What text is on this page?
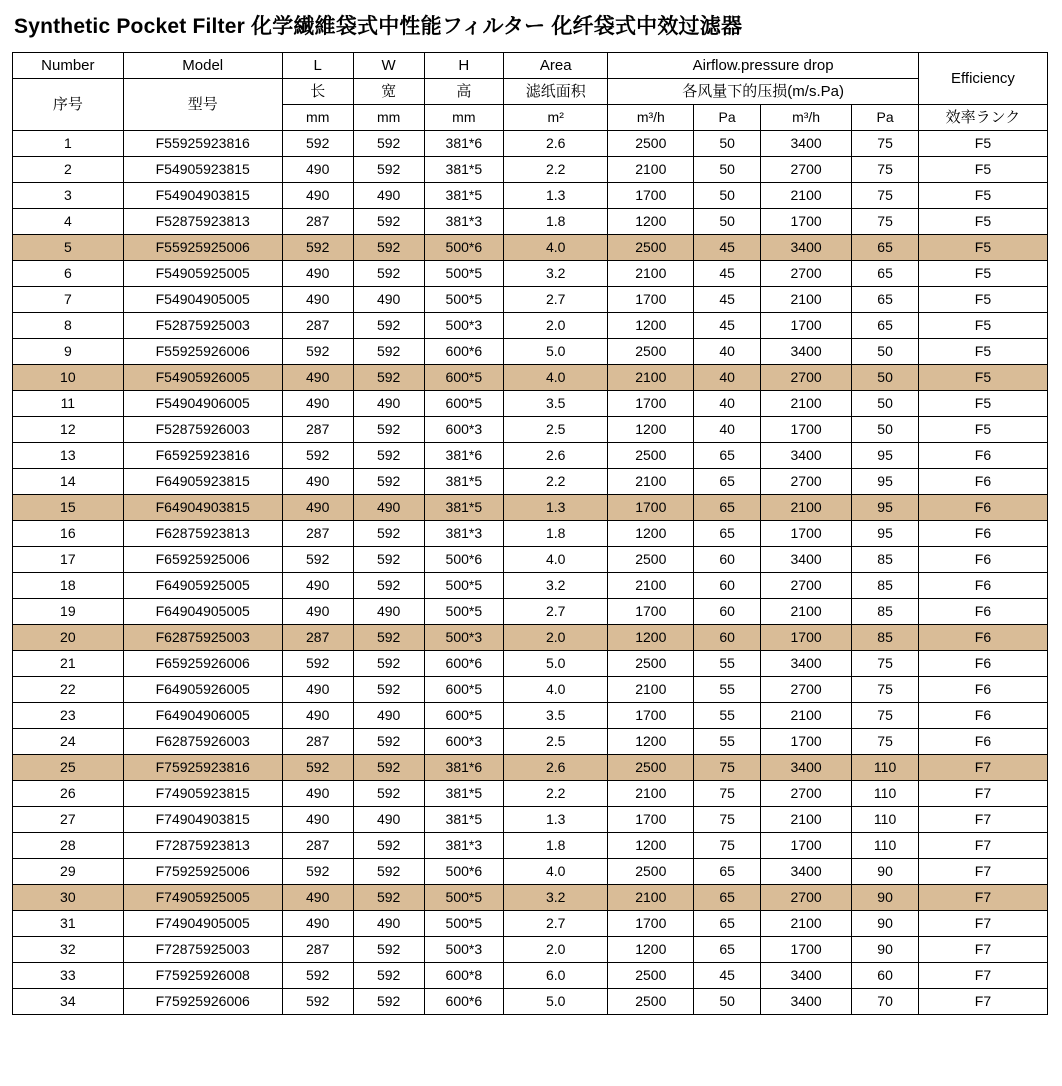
Synthetic Pocket Filter 化学繊維袋式中性能フィルター 化纤袋式中效过滤器
Number	Model	L	W	H	Area	Airflow.pressure drop				Efficiency
序号	型号	长	宽	高	滤纸面积	各风量下的压损(m/s.Pa)				
		mm	mm	mm	m²	m³/h	Pa	m³/h	Pa	效率ランク
1	F55925923816	592	592	381*6	2.6	2500	50	3400	75	F5
2	F54905923815	490	592	381*5	2.2	2100	50	2700	75	F5
3	F54904903815	490	490	381*5	1.3	1700	50	2100	75	F5
4	F52875923813	287	592	381*3	1.8	1200	50	1700	75	F5
5	F55925925006	592	592	500*6	4.0	2500	45	3400	65	F5
6	F54905925005	490	592	500*5	3.2	2100	45	2700	65	F5
7	F54904905005	490	490	500*5	2.7	1700	45	2100	65	F5
8	F52875925003	287	592	500*3	2.0	1200	45	1700	65	F5
9	F55925926006	592	592	600*6	5.0	2500	40	3400	50	F5
10	F54905926005	490	592	600*5	4.0	2100	40	2700	50	F5
11	F54904906005	490	490	600*5	3.5	1700	40	2100	50	F5
12	F52875926003	287	592	600*3	2.5	1200	40	1700	50	F5
13	F65925923816	592	592	381*6	2.6	2500	65	3400	95	F6
14	F64905923815	490	592	381*5	2.2	2100	65	2700	95	F6
15	F64904903815	490	490	381*5	1.3	1700	65	2100	95	F6
16	F62875923813	287	592	381*3	1.8	1200	65	1700	95	F6
17	F65925925006	592	592	500*6	4.0	2500	60	3400	85	F6
18	F64905925005	490	592	500*5	3.2	2100	60	2700	85	F6
19	F64904905005	490	490	500*5	2.7	1700	60	2100	85	F6
20	F62875925003	287	592	500*3	2.0	1200	60	1700	85	F6
21	F65925926006	592	592	600*6	5.0	2500	55	3400	75	F6
22	F64905926005	490	592	600*5	4.0	2100	55	2700	75	F6
23	F64904906005	490	490	600*5	3.5	1700	55	2100	75	F6
24	F62875926003	287	592	600*3	2.5	1200	55	1700	75	F6
25	F75925923816	592	592	381*6	2.6	2500	75	3400	110	F7
26	F74905923815	490	592	381*5	2.2	2100	75	2700	110	F7
27	F74904903815	490	490	381*5	1.3	1700	75	2100	110	F7
28	F72875923813	287	592	381*3	1.8	1200	75	1700	110	F7
29	F75925925006	592	592	500*6	4.0	2500	65	3400	90	F7
30	F74905925005	490	592	500*5	3.2	2100	65	2700	90	F7
31	F74904905005	490	490	500*5	2.7	1700	65	2100	90	F7
32	F72875925003	287	592	500*3	2.0	1200	65	1700	90	F7
33	F75925926008	592	592	600*8	6.0	2500	45	3400	60	F7
34	F75925926006	592	592	600*6	5.0	2500	50	3400	70	F7
